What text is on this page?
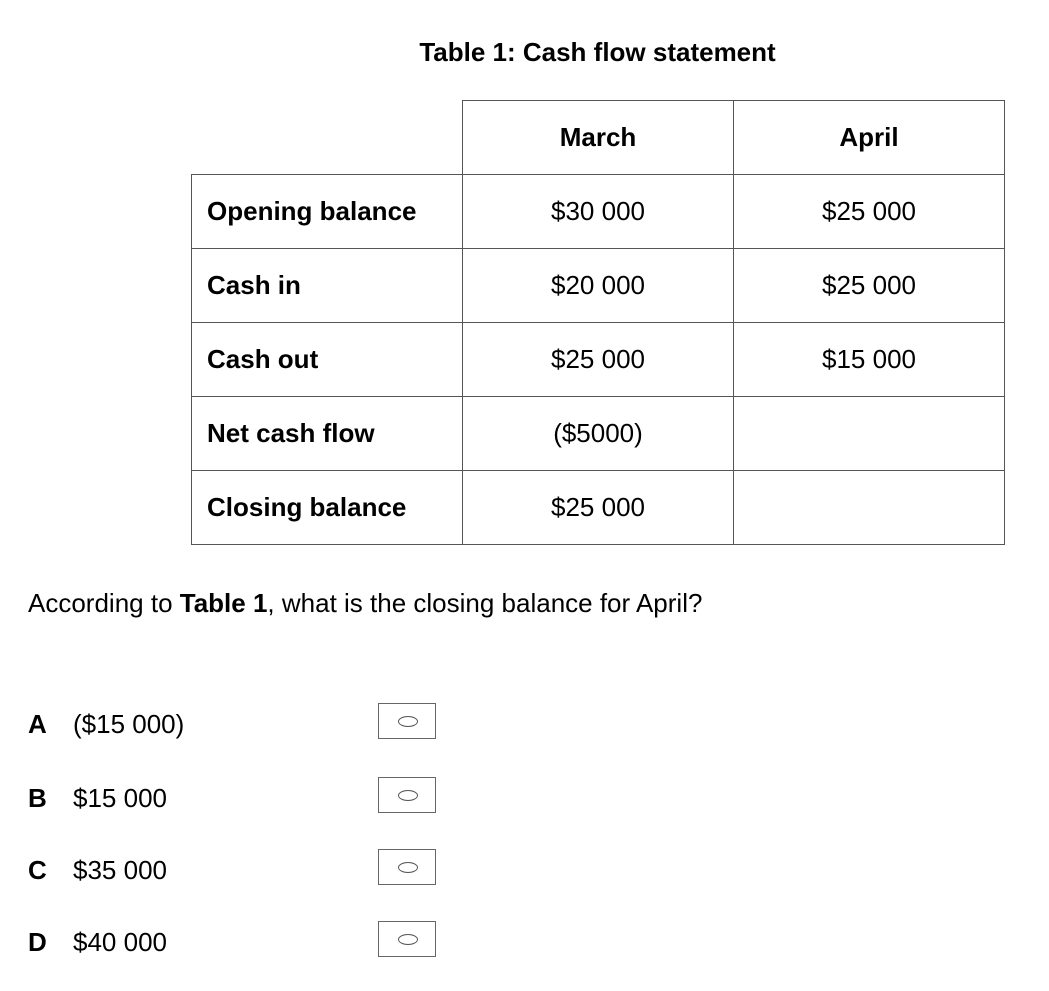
Table 1: Cash flow statement
	March	April
Opening balance	$30 000	$25 000
Cash in	$20 000	$25 000
Cash out	$25 000	$15 000
Net cash flow	($5000)	
Closing balance	$25 000	
According to Table 1, what is the closing balance for April?
A ($15 000)
B $15 000
C $35 000
D $40 000
